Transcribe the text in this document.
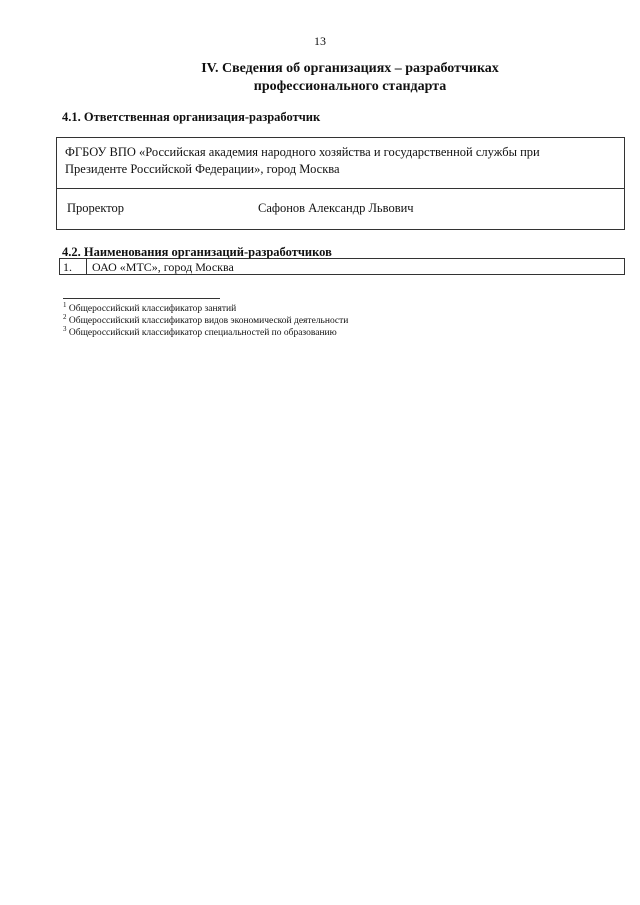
13
IV. Сведения об организациях – разработчиках
профессионального стандарта
4.1. Ответственная организация-разработчик
ФГБОУ ВПО «Российская академия народного хозяйства и государственной службы при Президенте Российской Федерации», город Москва
Проректор	Сафонов Александр Львович
4.2. Наименования организаций-разработчиков
1. ОАО «МТС», город Москва
$^1$ Общероссийский классификатор занятий
$^2$ Общероссийский классификатор видов экономической деятельности
$^3$ Общероссийский классификатор специальностей по образованию
